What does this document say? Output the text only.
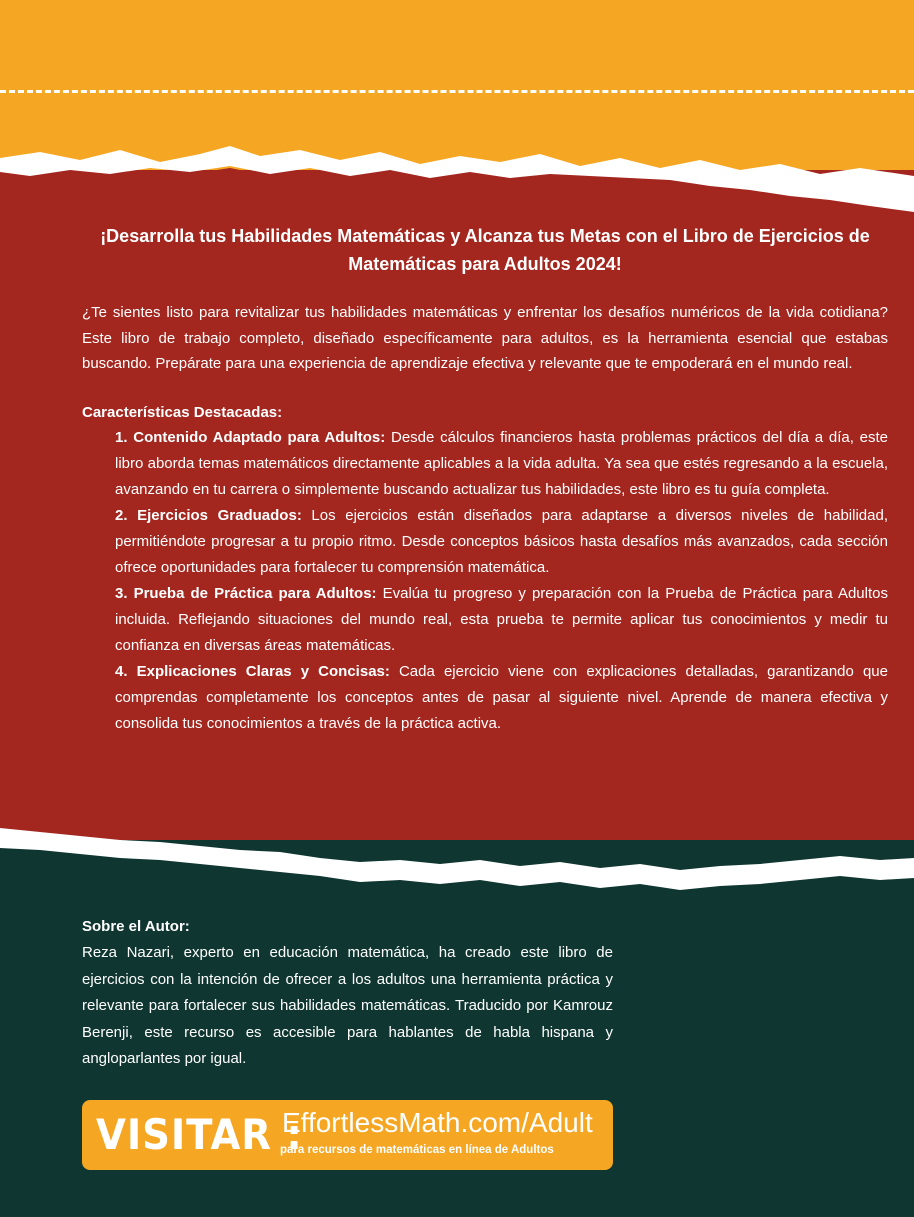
¡Desarrolla tus Habilidades Matemáticas y Alcanza tus Metas con el Libro de Ejercicios de Matemáticas para Adultos 2024!

¿Te sientes listo para revitalizar tus habilidades matemáticas y enfrentar los desafíos numéricos de la vida cotidiana? Este libro de trabajo completo, diseñado específicamente para adultos, es la herramienta esencial que estabas buscando. Prepárate para una experiencia de aprendizaje efectiva y relevante que te empoderará en el mundo real.

Características Destacadas:
1. Contenido Adaptado para Adultos: Desde cálculos financieros hasta problemas prácticos del día a día, este libro aborda temas matemáticos directamente aplicables a la vida adulta. Ya sea que estés regresando a la escuela, avanzando en tu carrera o simplemente buscando actualizar tus habilidades, este libro es tu guía completa.
2. Ejercicios Graduados: Los ejercicios están diseñados para adaptarse a diversos niveles de habilidad, permitiéndote progresar a tu propio ritmo. Desde conceptos básicos hasta desafíos más avanzados, cada sección ofrece oportunidades para fortalecer tu comprensión matemática.
3. Prueba de Práctica para Adultos: Evalúa tu progreso y preparación con la Prueba de Práctica para Adultos incluida. Reflejando situaciones del mundo real, esta prueba te permite aplicar tus conocimientos y medir tu confianza en diversas áreas matemáticas.
4. Explicaciones Claras y Concisas: Cada ejercicio viene con explicaciones detalladas, garantizando que comprendas completamente los conceptos antes de pasar al siguiente nivel. Aprende de manera efectiva y consolida tus conocimientos a través de la práctica activa.
Sobre el Autor:

Reza Nazari, experto en educación matemática, ha creado este libro de ejercicios con la intención de ofrecer a los adultos una herramienta práctica y relevante para fortalecer sus habilidades matemáticas. Traducido por Kamrouz Berenji, este recurso es accesible para hablantes de habla hispana y angloparlantes por igual.

VISITAR :
EffortlessMath.com/Adult
para recursos de matemáticas en línea de Adultos
